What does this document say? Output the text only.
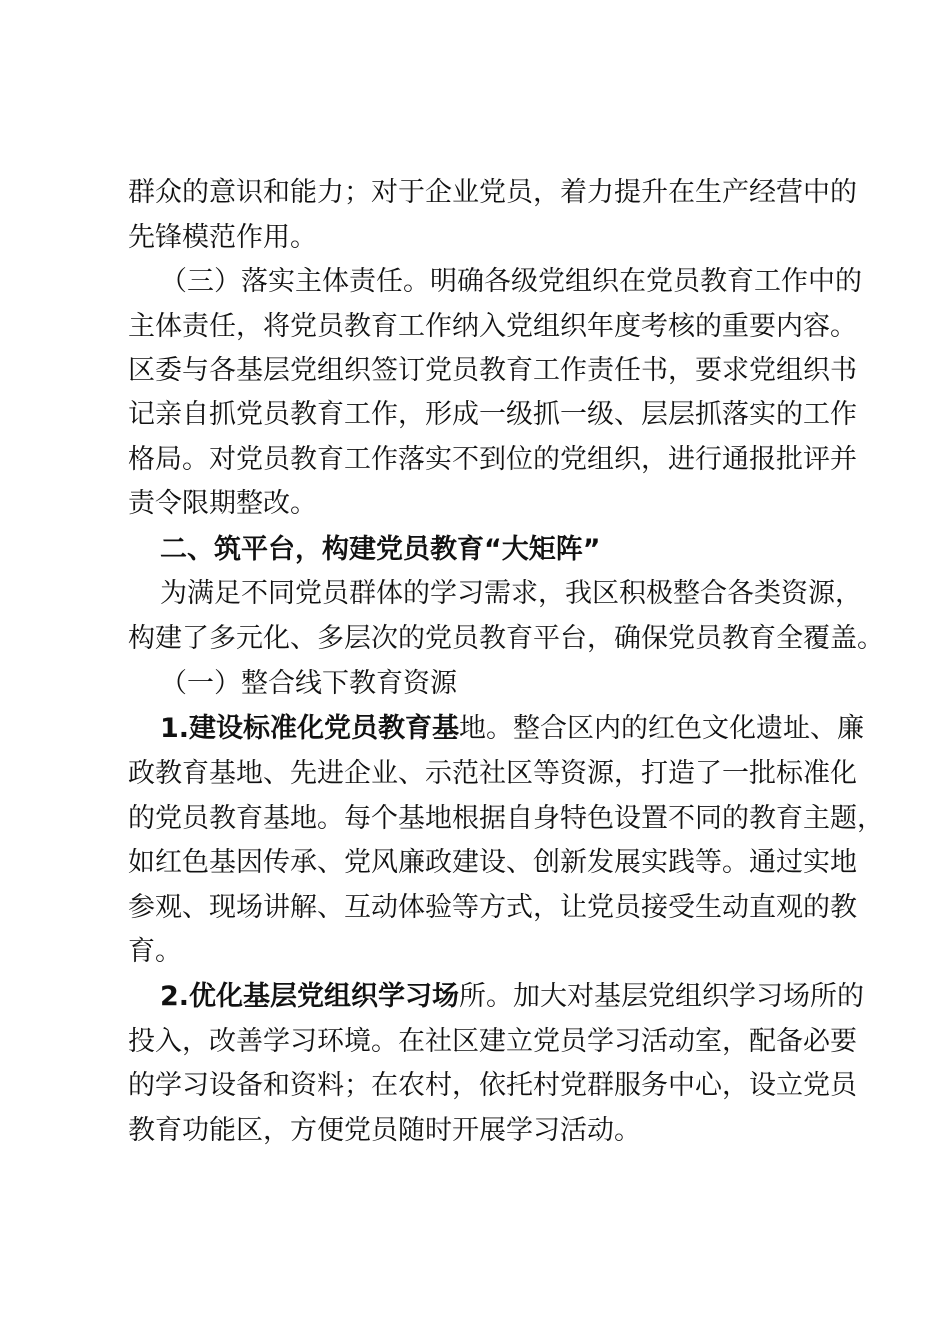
群众的意识和能力；对于企业党员，着力提升在生产经营中的
先锋模范作用。
（三）落实主体责任。明确各级党组织在党员教育工作中的
主体责任，将党员教育工作纳入党组织年度考核的重要内容。
区委与各基层党组织签订党员教育工作责任书，要求党组织书
记亲自抓党员教育工作，形成一级抓一级、层层抓落实的工作
格局。对党员教育工作落实不到位的党组织，进行通报批评并
责令限期整改。
二、筑平台，构建党员教育“大矩阵”
为满足不同党员群体的学习需求，我区积极整合各类资源，
构建了多元化、多层次的党员教育平台，确保党员教育全覆盖。
（一）整合线下教育资源
1.建设标准化党员教育基地。整合区内的红色文化遗址、廉
政教育基地、先进企业、示范社区等资源，打造了一批标准化
的党员教育基地。每个基地根据自身特色设置不同的教育主题，
如红色基因传承、党风廉政建设、创新发展实践等。通过实地
参观、现场讲解、互动体验等方式，让党员接受生动直观的教
育。
2.优化基层党组织学习场所。加大对基层党组织学习场所的
投入，改善学习环境。在社区建立党员学习活动室，配备必要
的学习设备和资料；在农村，依托村党群服务中心，设立党员
教育功能区，方便党员随时开展学习活动。
